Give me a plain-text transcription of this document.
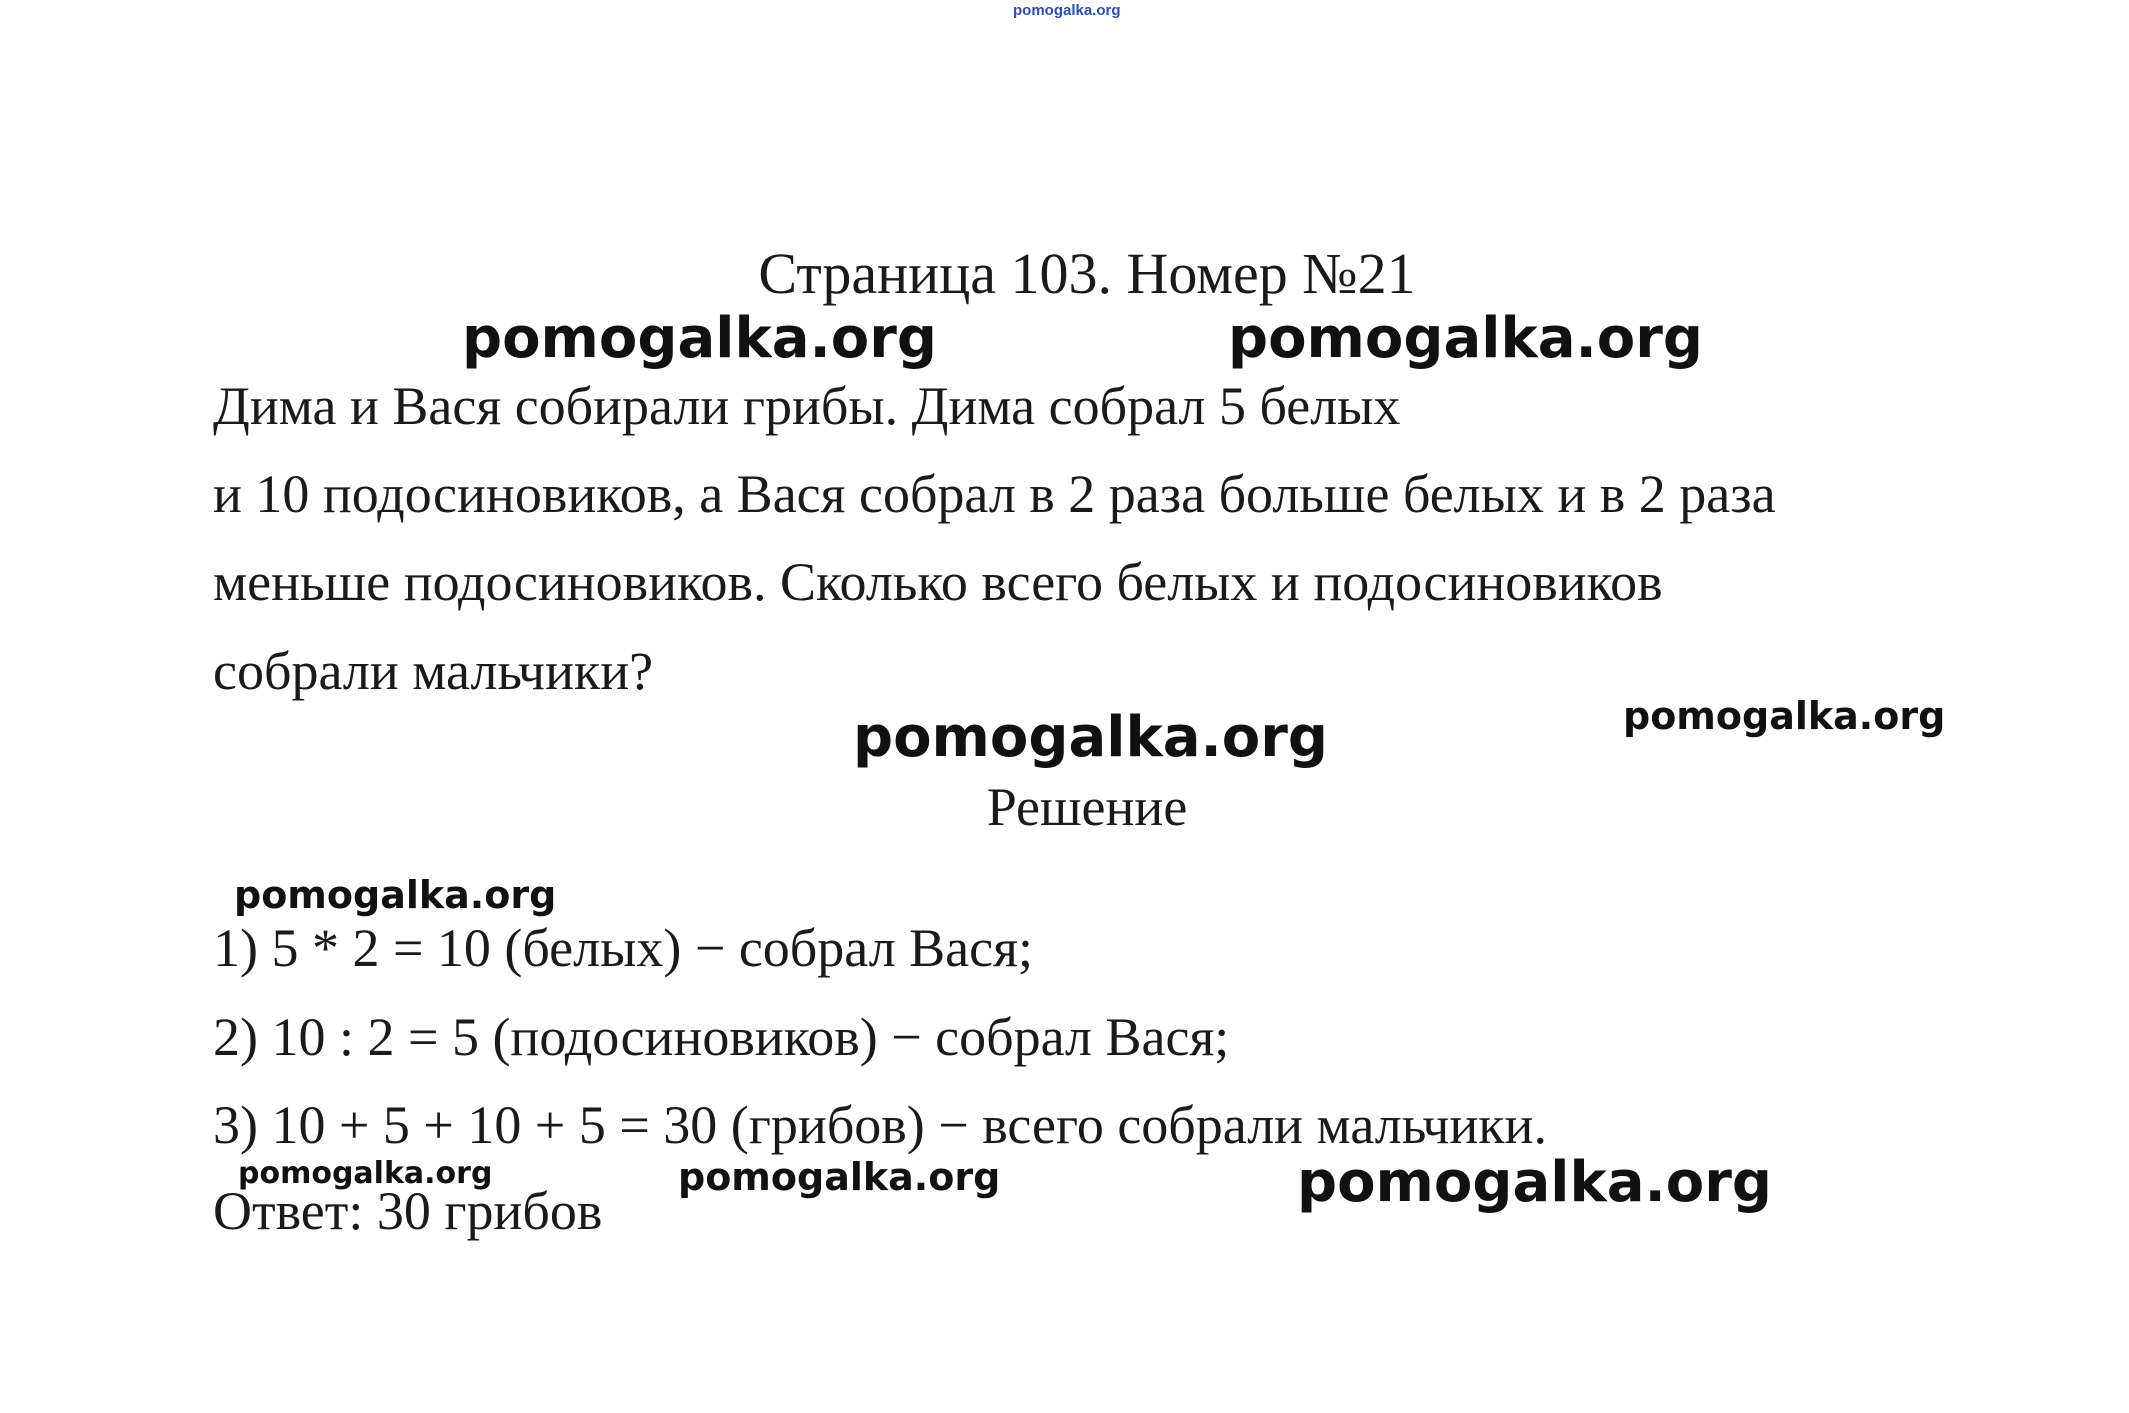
pomogalka.org
Страница 103. Номер №21
pomogalka.org	pomogalka.org
Дима и Вася собирали грибы. Дима собрал 5 белых
и 10 подосиновиков, а Вася собрал в 2 раза больше белых и в 2 раза
меньше подосиновиков. Сколько всего белых и подосиновиков
собрали мальчики?
pomogalka.org	pomogalka.org
Решение
pomogalka.org
1) 5 * 2 = 10 (белых) − собрал Вася;
2) 10 : 2 = 5 (подосиновиков) − собрал Вася;
3) 10 + 5 + 10 + 5 = 30 (грибов) − всего собрали мальчики.
Ответ: 30 грибов
pomogalka.org	pomogalka.org	pomogalka.org
